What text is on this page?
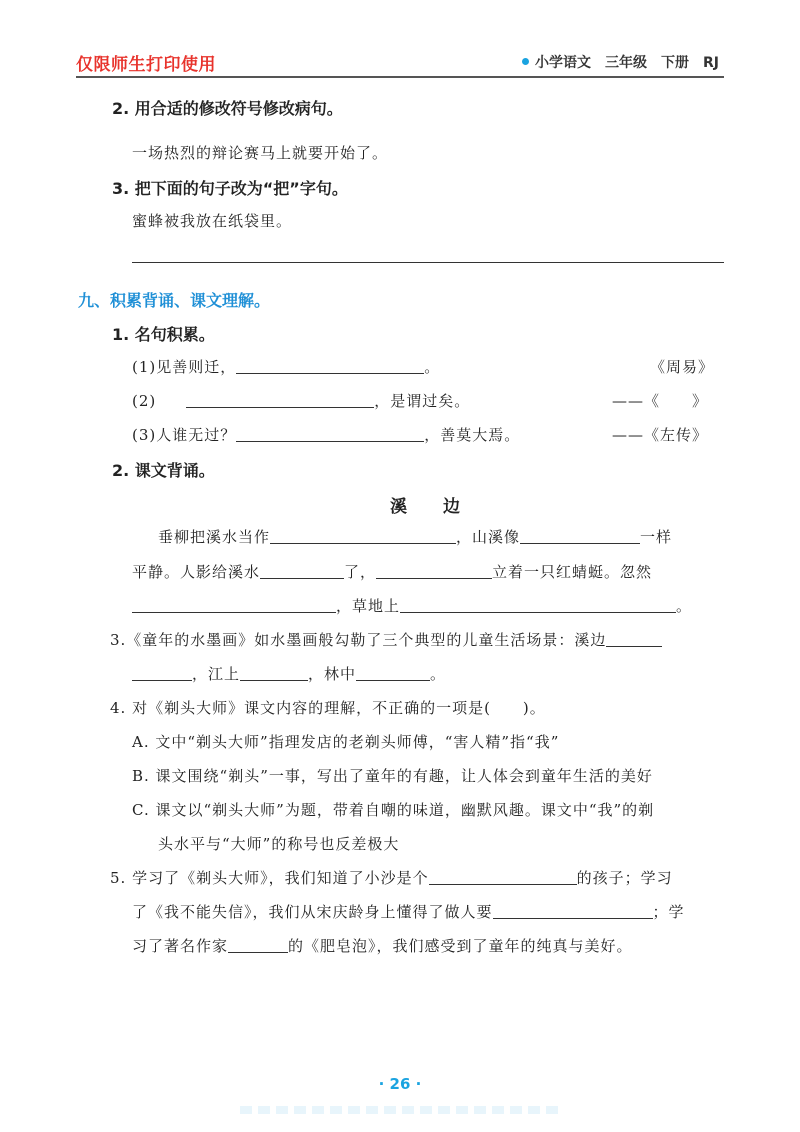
仅限师生打印使用	小学语文 三年级 下册 RJ
2. 用合适的修改符号修改病句。
一场热烈的辩论赛马上就要开始了。
3. 把下面的句子改为“把”字句。
蜜蜂被我放在纸袋里。
九、积累背诵、课文理解。
1. 名句积累。
(1)见善则迁，	。	《周易》
(2)	，是谓过矣。	——《　　》
(3)人谁无过？	，善莫大焉。	——《左传》
2. 课文背诵。
溪边
垂柳把溪水当作	，山溪像	一样
平静。人影给溪水	了，	立着一只红蜻蜓。忽然
，草地上	。
3.《童年的水墨画》如水墨画般勾勒了三个典型的儿童生活场景：溪边
，江上	，林中	。
4. 对《剃头大师》课文内容的理解，不正确的一项是(　　)。
A. 文中“剃头大师”指理发店的老剃头师傅，“害人精”指“我”
B. 课文围绕“剃头”一事，写出了童年的有趣，让人体会到童年生活的美好
C. 课文以“剃头大师”为题，带着自嘲的味道，幽默风趣。课文中“我”的剃
头水平与“大师”的称号也反差极大
5. 学习了《剃头大师》，我们知道了小沙是个	的孩子；学习
了《我不能失信》，我们从宋庆龄身上懂得了做人要	；学
习了著名作家	的《肥皂泡》，我们感受到了童年的纯真与美好。
· 26 ·
